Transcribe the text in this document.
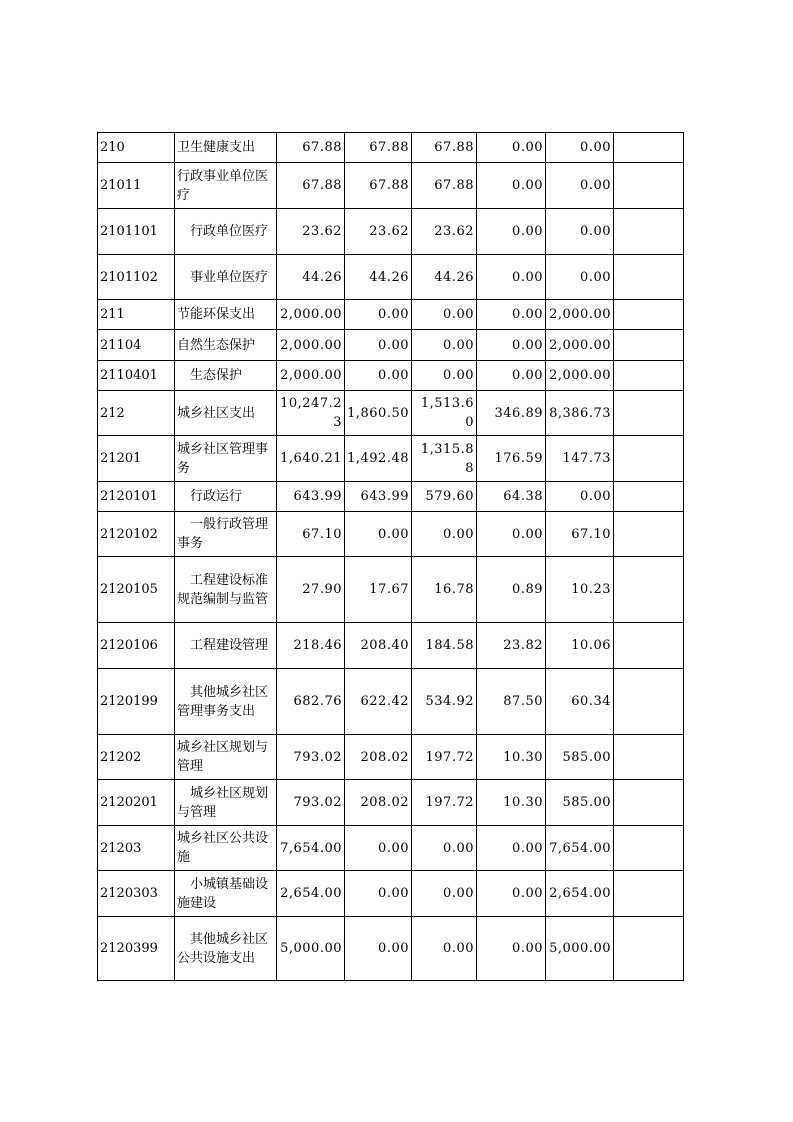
210	卫生健康支出	67.88	67.88	67.88	0.00	0.00	
21011	行政事业单位医疗	67.88	67.88	67.88	0.00	0.00	
2101101	行政单位医疗	23.62	23.62	23.62	0.00	0.00	
2101102	事业单位医疗	44.26	44.26	44.26	0.00	0.00	
211	节能环保支出	2,000.00	0.00	0.00	0.00	2,000.00	
21104	自然生态保护	2,000.00	0.00	0.00	0.00	2,000.00	
2110401	生态保护	2,000.00	0.00	0.00	0.00	2,000.00	
212	城乡社区支出	10,247.23	1,860.50	1,513.60	346.89	8,386.73	
21201	城乡社区管理事务	1,640.21	1,492.48	1,315.88	176.59	147.73	
2120101	行政运行	643.99	643.99	579.60	64.38	0.00	
2120102	一般行政管理事务	67.10	0.00	0.00	0.00	67.10	
2120105	工程建设标准规范编制与监管	27.90	17.67	16.78	0.89	10.23	
2120106	工程建设管理	218.46	208.40	184.58	23.82	10.06	
2120199	其他城乡社区管理事务支出	682.76	622.42	534.92	87.50	60.34	
21202	城乡社区规划与管理	793.02	208.02	197.72	10.30	585.00	
2120201	城乡社区规划与管理	793.02	208.02	197.72	10.30	585.00	
21203	城乡社区公共设施	7,654.00	0.00	0.00	0.00	7,654.00	
2120303	小城镇基础设施建设	2,654.00	0.00	0.00	0.00	2,654.00	
2120399	其他城乡社区公共设施支出	5,000.00	0.00	0.00	0.00	5,000.00	
